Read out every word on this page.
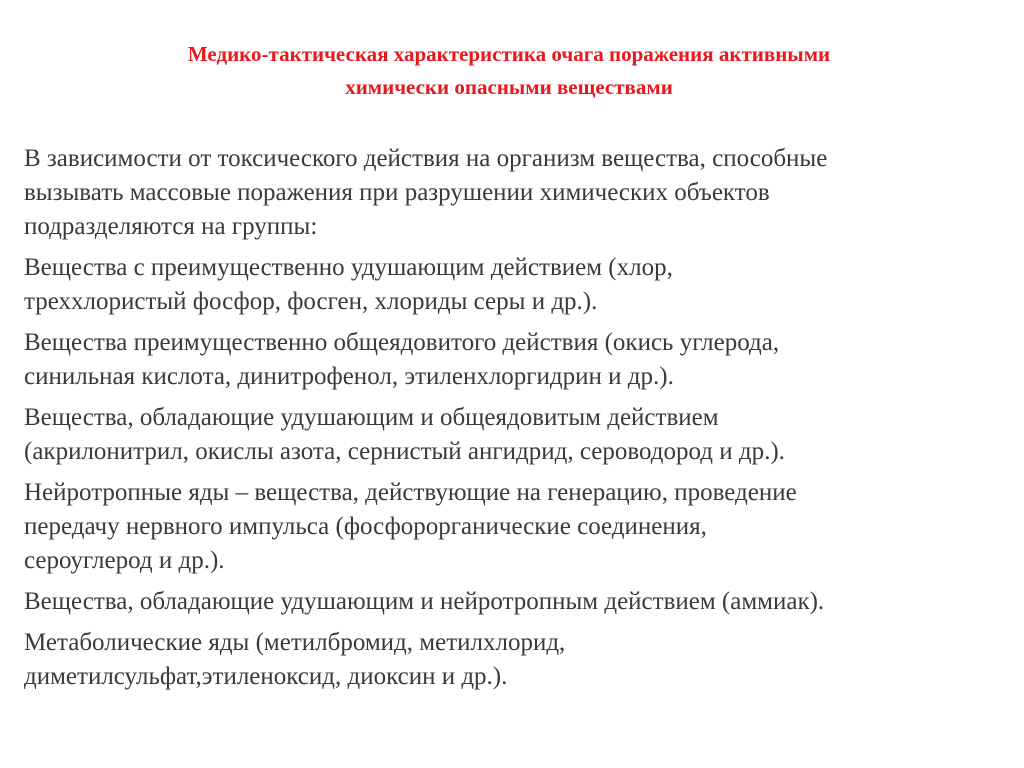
Медико-тактическая характеристика очага поражения активными
химически опасными веществами

В зависимости от токсического действия на организм вещества, способные
вызывать массовые поражения при разрушении химических объектов
подразделяются на группы:

Вещества с преимущественно удушающим действием (хлор,
треххлористый фосфор, фосген, хлориды серы и др.).

Вещества преимущественно общеядовитого действия (окись углерода,
синильная кислота, динитрофенол, этиленхлоргидрин и др.).

Вещества, обладающие удушающим и общеядовитым действием
(акрилонитрил, окислы азота, сернистый ангидрид, сероводород и др.).

Нейротропные яды – вещества, действующие на генерацию, проведение
передачу нервного импульса (фосфорорганические соединения,
сероуглерод и др.).

Вещества, обладающие удушающим и нейротропным действием (аммиак).

Метаболические яды (метилбромид, метилхлорид,
диметилсульфат,этиленоксид, диоксин и др.).
